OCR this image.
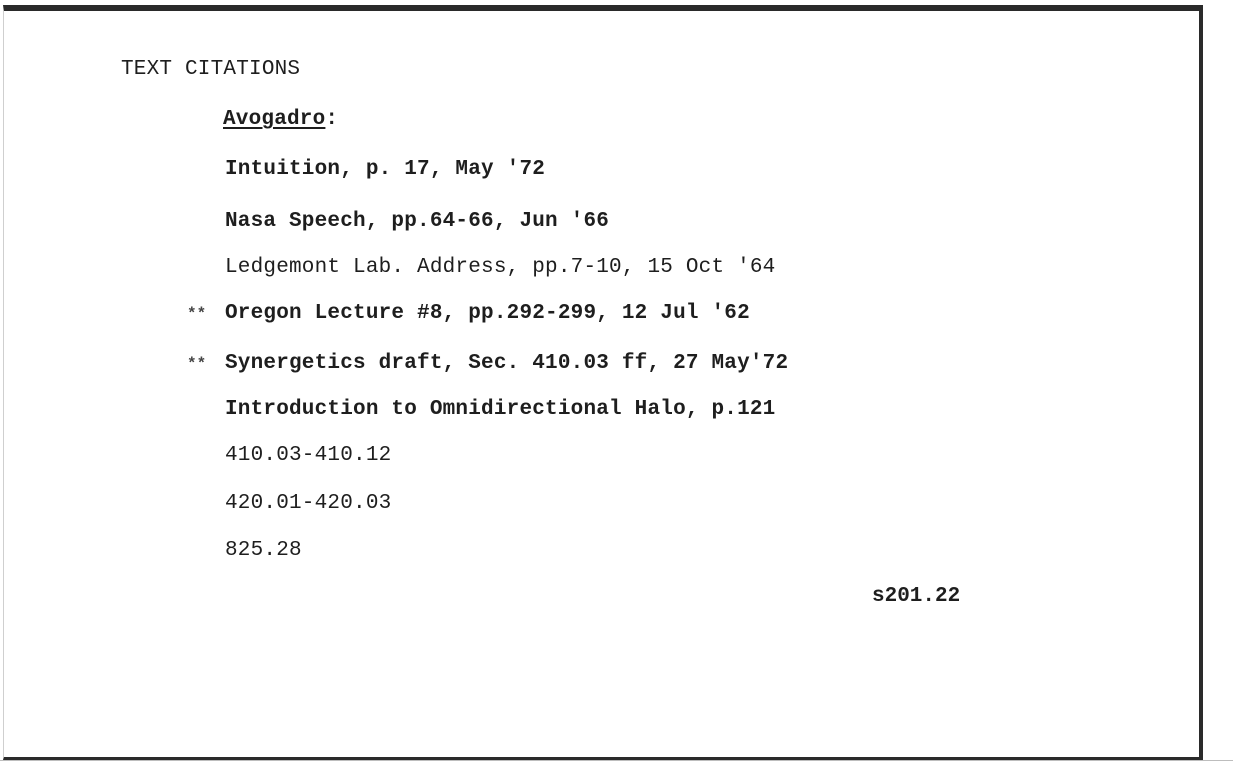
TEXT CITATIONS
Avogadro:
Intuition, p. 17, May '72
Nasa Speech, pp.64-66, Jun '66
Ledgemont Lab. Address, pp.7-10, 15 Oct '64
** Oregon Lecture #8, pp.292-299, 12 Jul '62
** Synergetics draft, Sec. 410.03 ff, 27 May'72
Introduction to Omnidirectional Halo, p.121
410.03-410.12
420.01-420.03
825.28
s201.22
